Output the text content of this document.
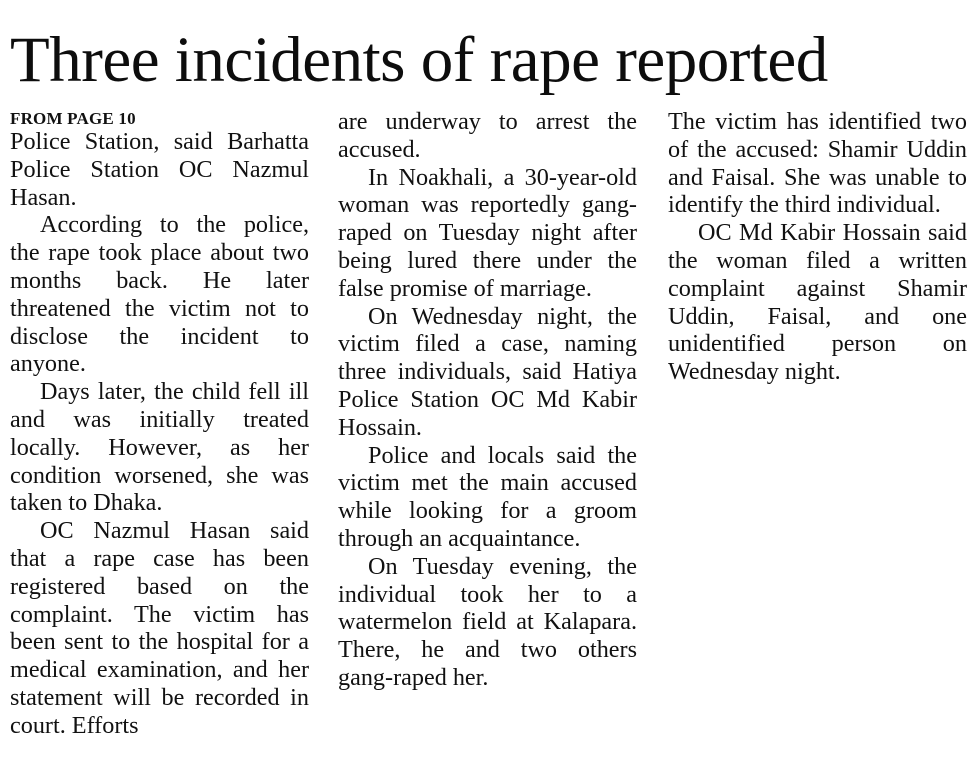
Three incidents of rape reported
FROM PAGE 10

Police Station, said Barhatta Police Station OC Nazmul Hasan.

According to the police, the rape took place about two months back. He later threatened the victim not to disclose the incident to anyone.

Days later, the child fell ill and was initially treated locally. However, as her condition worsened, she was taken to Dhaka.

OC Nazmul Hasan said that a rape case has been registered based on the complaint. The victim has been sent to the hospital for a medical examination, and her statement will be recorded in court. Efforts

are underway to arrest the accused.

In Noakhali, a 30-year-old woman was reportedly gang-raped on Tuesday night after being lured there under the false promise of marriage.

On Wednesday night, the victim filed a case, naming three individuals, said Hatiya Police Station OC Md Kabir Hossain.

Police and locals said the victim met the main accused while looking for a groom through an acquaintance.

On Tuesday evening, the individual took her to a watermelon field at Kalapara. There, he and two others gang-raped her.

The victim has identified two of the accused: Shamir Uddin and Faisal. She was unable to identify the third individual.

OC Md Kabir Hossain said the woman filed a written complaint against Shamir Uddin, Faisal, and one unidentified person on Wednesday night.
